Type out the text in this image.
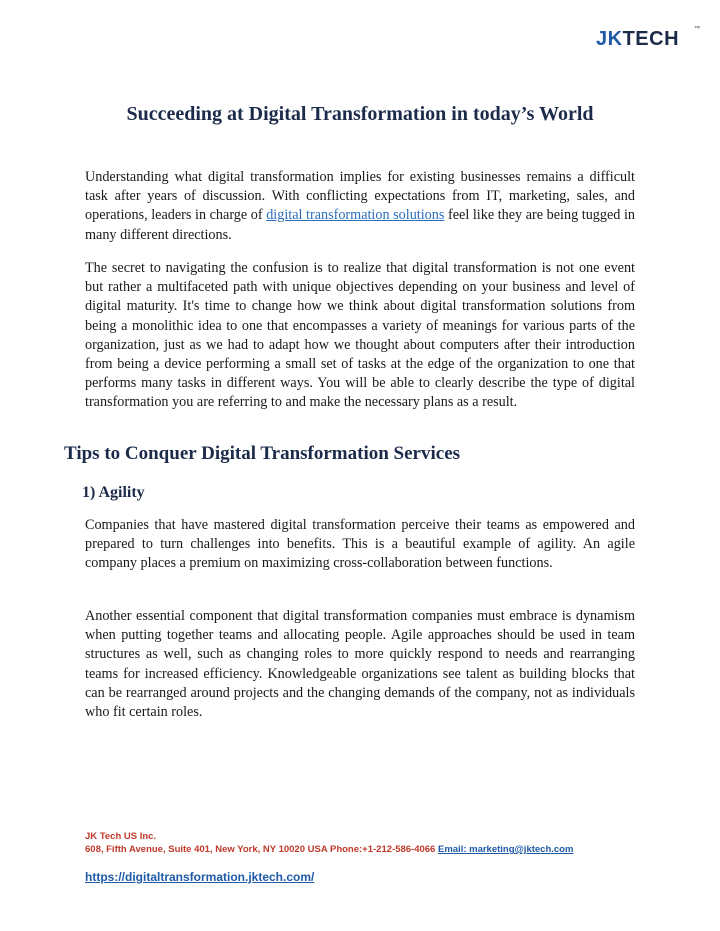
JKTECH ™
Succeeding at Digital Transformation in today’s World

Understanding what digital transformation implies for existing businesses remains a difficult task after years of discussion. With conflicting expectations from IT, marketing, sales, and operations, leaders in charge of digital transformation solutions feel like they are being tugged in many different directions.

The secret to navigating the confusion is to realize that digital transformation is not one event but rather a multifaceted path with unique objectives depending on your business and level of digital maturity. It's time to change how we think about digital transformation solutions from being a monolithic idea to one that encompasses a variety of meanings for various parts of the organization, just as we had to adapt how we thought about computers after their introduction from being a device performing a small set of tasks at the edge of the organization to one that performs many tasks in different ways. You will be able to clearly describe the type of digital transformation you are referring to and make the necessary plans as a result.

Tips to Conquer Digital Transformation Services
1) Agility

Companies that have mastered digital transformation perceive their teams as empowered and prepared to turn challenges into benefits. This is a beautiful example of agility. An agile company places a premium on maximizing cross-collaboration between functions.

Another essential component that digital transformation companies must embrace is dynamism when putting together teams and allocating people. Agile approaches should be used in team structures as well, such as changing roles to more quickly respond to needs and rearranging teams for increased efficiency. Knowledgeable organizations see talent as building blocks that can be rearranged around projects and the changing demands of the company, not as individuals who fit certain roles.

JK Tech US Inc.
608, Fifth Avenue, Suite 401, New York, NY 10020 USA Phone:+1-212-586-4066 Email: marketing@jktech.com
https://digitaltransformation.jktech.com/
